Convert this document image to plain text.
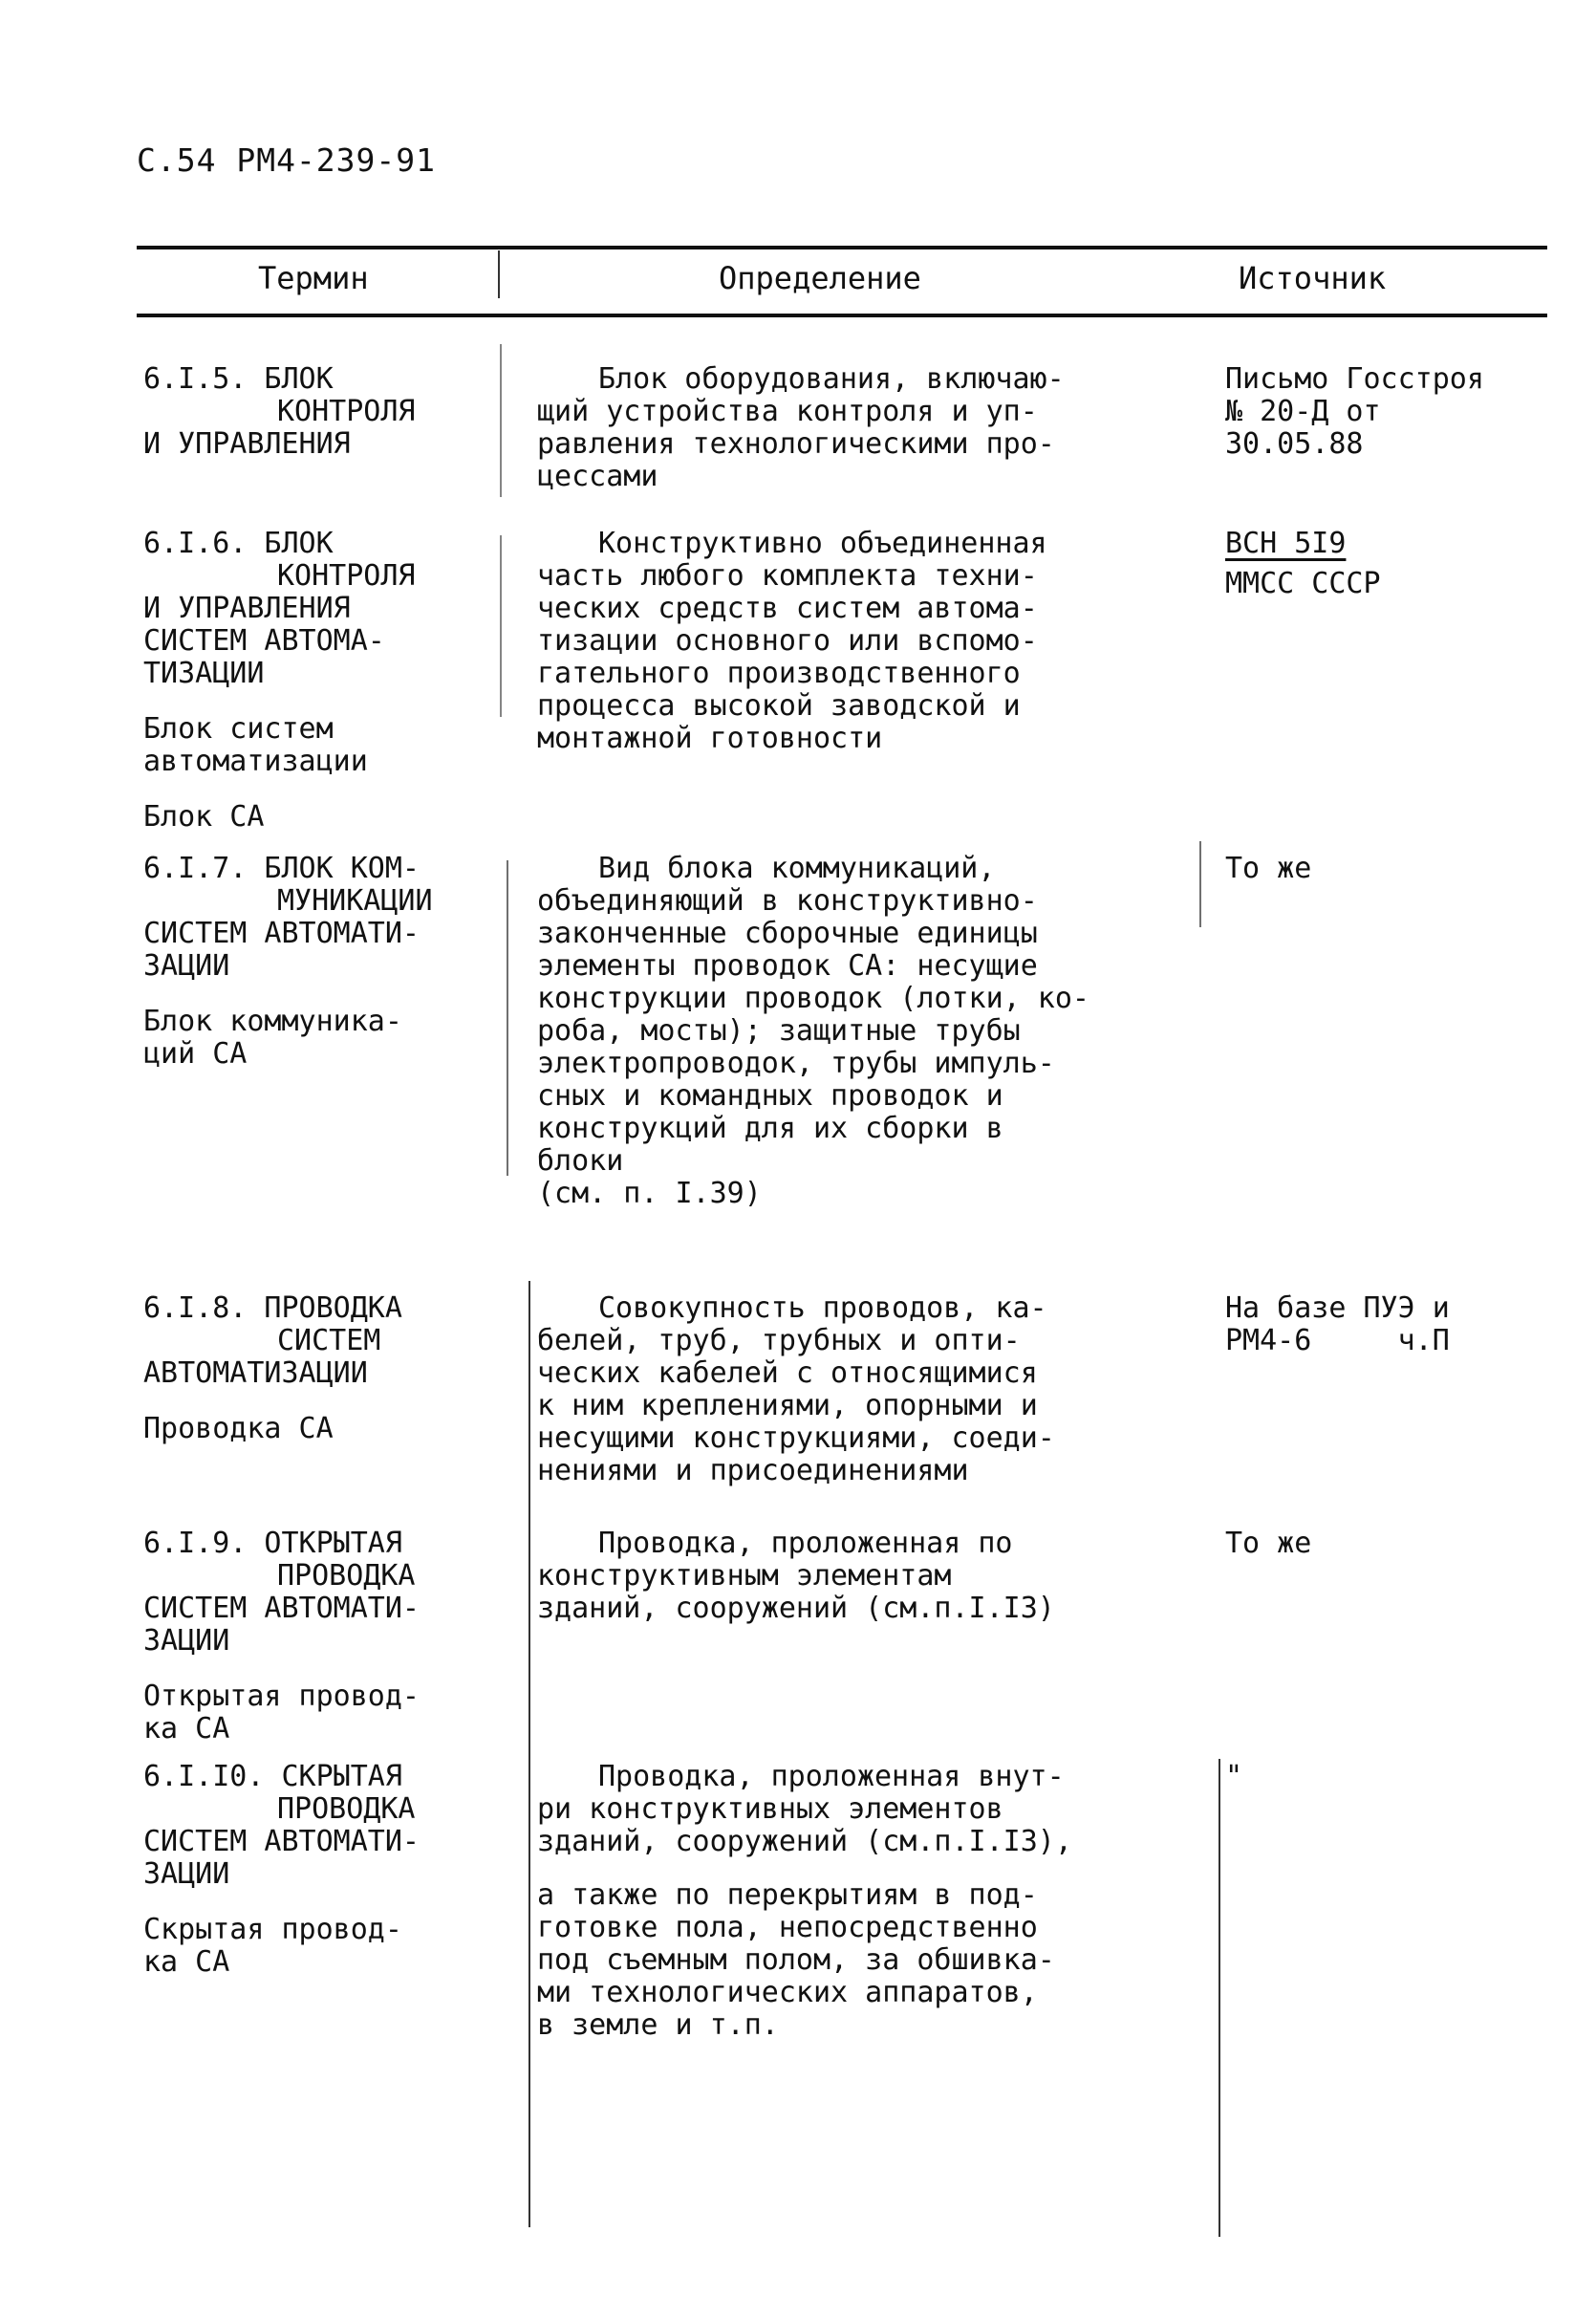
С.54 РМ4-239-91
Термин	Определение	Источник
6.I.5. БЛОК
КОНТРОЛЯ
И УПРАВЛЕНИЯ

Блок оборудования, включаю-
щий устройства контроля и уп-
равления технологическими про-
цессами

Письмо Госстроя
№ 20-Д от
30.05.88
6.I.6. БЛОК
КОНТРОЛЯ
И УПРАВЛЕНИЯ
СИСТЕМ АВТОМА-
ТИЗАЦИИ
Блок систем
автоматизации
Блок СА

Конструктивно объединенная
часть любого комплекта техни-
ческих средств систем автома-
тизации основного или вспомо-
гательного производственного
процесса высокой заводской и
монтажной готовности

ВСН 5I9
ММСС СССР
6.I.7. БЛОК КОМ-
МУНИКАЦИИ
СИСТЕМ АВТОМАТИ-
ЗАЦИИ
Блок коммуника-
ций СА

Вид блока коммуникаций,
объединяющий в конструктивно-
законченные сборочные единицы
элементы проводок СА: несущие
конструкции проводок (лотки, ко-
роба, мосты); защитные трубы
электропроводок, трубы импуль-
сных и командных проводок и
конструкций для их сборки в
блоки
(см. п. I.39)

То же
6.I.8. ПРОВОДКА
СИСТЕМ
АВТОМАТИЗАЦИИ
Проводка СА

Совокупность проводов, ка-
белей, труб, трубных и опти-
ческих кабелей с относящимися
к ним креплениями, опорными и
несущими конструкциями, соеди-
нениями и присоединениями

На базе ПУЭ и
РМ4-6     ч.П
6.I.9. ОТКРЫТАЯ
ПРОВОДКА
СИСТЕМ АВТОМАТИ-
ЗАЦИИ
Открытая провод-
ка СА

Проводка, проложенная по
конструктивным элементам
зданий, сооружений (см.п.I.I3)

То же
6.I.I0. СКРЫТАЯ
ПРОВОДКА
СИСТЕМ АВТОМАТИ-
ЗАЦИИ
Скрытая провод-
ка СА

Проводка, проложенная внут-
ри конструктивных элементов
зданий, сооружений (см.п.I.I3),

а также по перекрытиям в под-
готовке пола, непосредственно
под съемным полом, за обшивка-
ми технологических аппаратов,
в земле и т.п.

"
